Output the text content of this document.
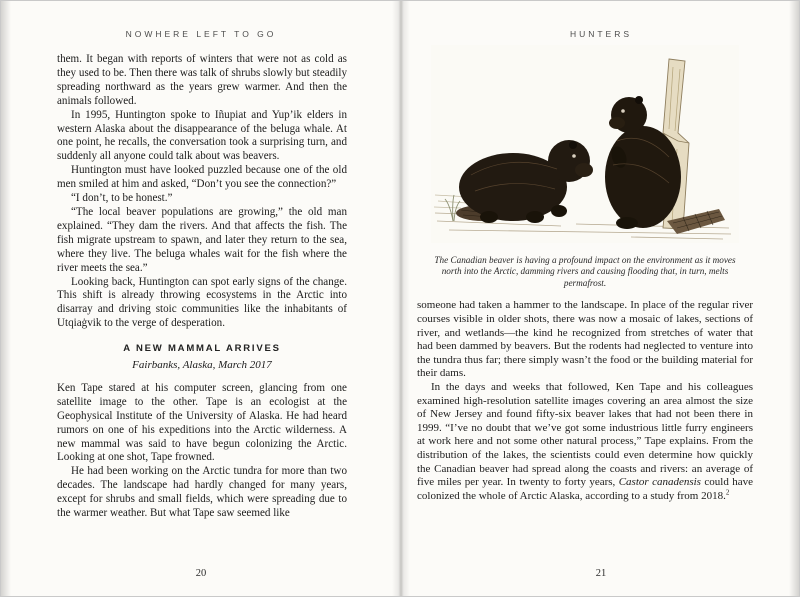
NOWHERE LEFT TO GO

them. It began with reports of winters that were not as cold as they used to be. Then there was talk of shrubs slowly but steadily spreading northward as the years grew warmer. And then the animals followed.

In 1995, Huntington spoke to Iñupiat and Yup’ik elders in western Alaska about the disappearance of the beluga whale. At one point, he recalls, the conversation took a surprising turn, and suddenly all anyone could talk about was beavers.

Huntington must have looked puzzled because one of the old men smiled at him and asked, “Don’t you see the connection?”

“I don’t, to be honest.”

“The local beaver populations are growing,” the old man explained. “They dam the rivers. And that affects the fish. The fish migrate upstream to spawn, and later they return to the sea, where they live. The beluga whales wait for the fish where the river meets the sea.”

Looking back, Huntington can spot early signs of the change. This shift is already throwing ecosystems in the Arctic into disarray and driving stoic communities like the inhabitants of Utqiaġvik to the verge of desperation.

A NEW MAMMAL ARRIVES
Fairbanks, Alaska, March 2017

Ken Tape stared at his computer screen, glancing from one satellite image to the other. Tape is an ecologist at the Geophysical Institute of the University of Alaska. He had heard rumors on one of his expeditions into the Arctic wilderness. A new mammal was said to have begun colonizing the Arctic. Looking at one shot, Tape frowned.

He had been working on the Arctic tundra for more than two decades. The landscape had hardly changed for many years, except for shrubs and small fields, which were spreading due to the warmer weather. But what Tape saw seemed like

20
HUNTERS
The Canadian beaver is having a profound impact on the environment as it moves north into the Arctic, damming rivers and causing flooding that, in turn, melts permafrost.

someone had taken a hammer to the landscape. In place of the regular river courses visible in older shots, there was now a mosaic of lakes, sections of river, and wetlands—the kind he recognized from stretches of water that had been dammed by beavers. But the rodents had neglected to venture into the tundra thus far; there simply wasn’t the food or the building material for their dams.

In the days and weeks that followed, Ken Tape and his colleagues examined high-resolution satellite images covering an area almost the size of New Jersey and found fifty-six beaver lakes that had not been there in 1999. “I’ve no doubt that we’ve got some industrious little furry engineers at work here and not some other natural process,” Tape explains. From the distribution of the lakes, the scientists could even determine how quickly the Canadian beaver had spread along the coasts and rivers: an average of five miles per year. In twenty to forty years, Castor canadensis could have colonized the whole of Arctic Alaska, according to a study from 2018.$^2$

21
